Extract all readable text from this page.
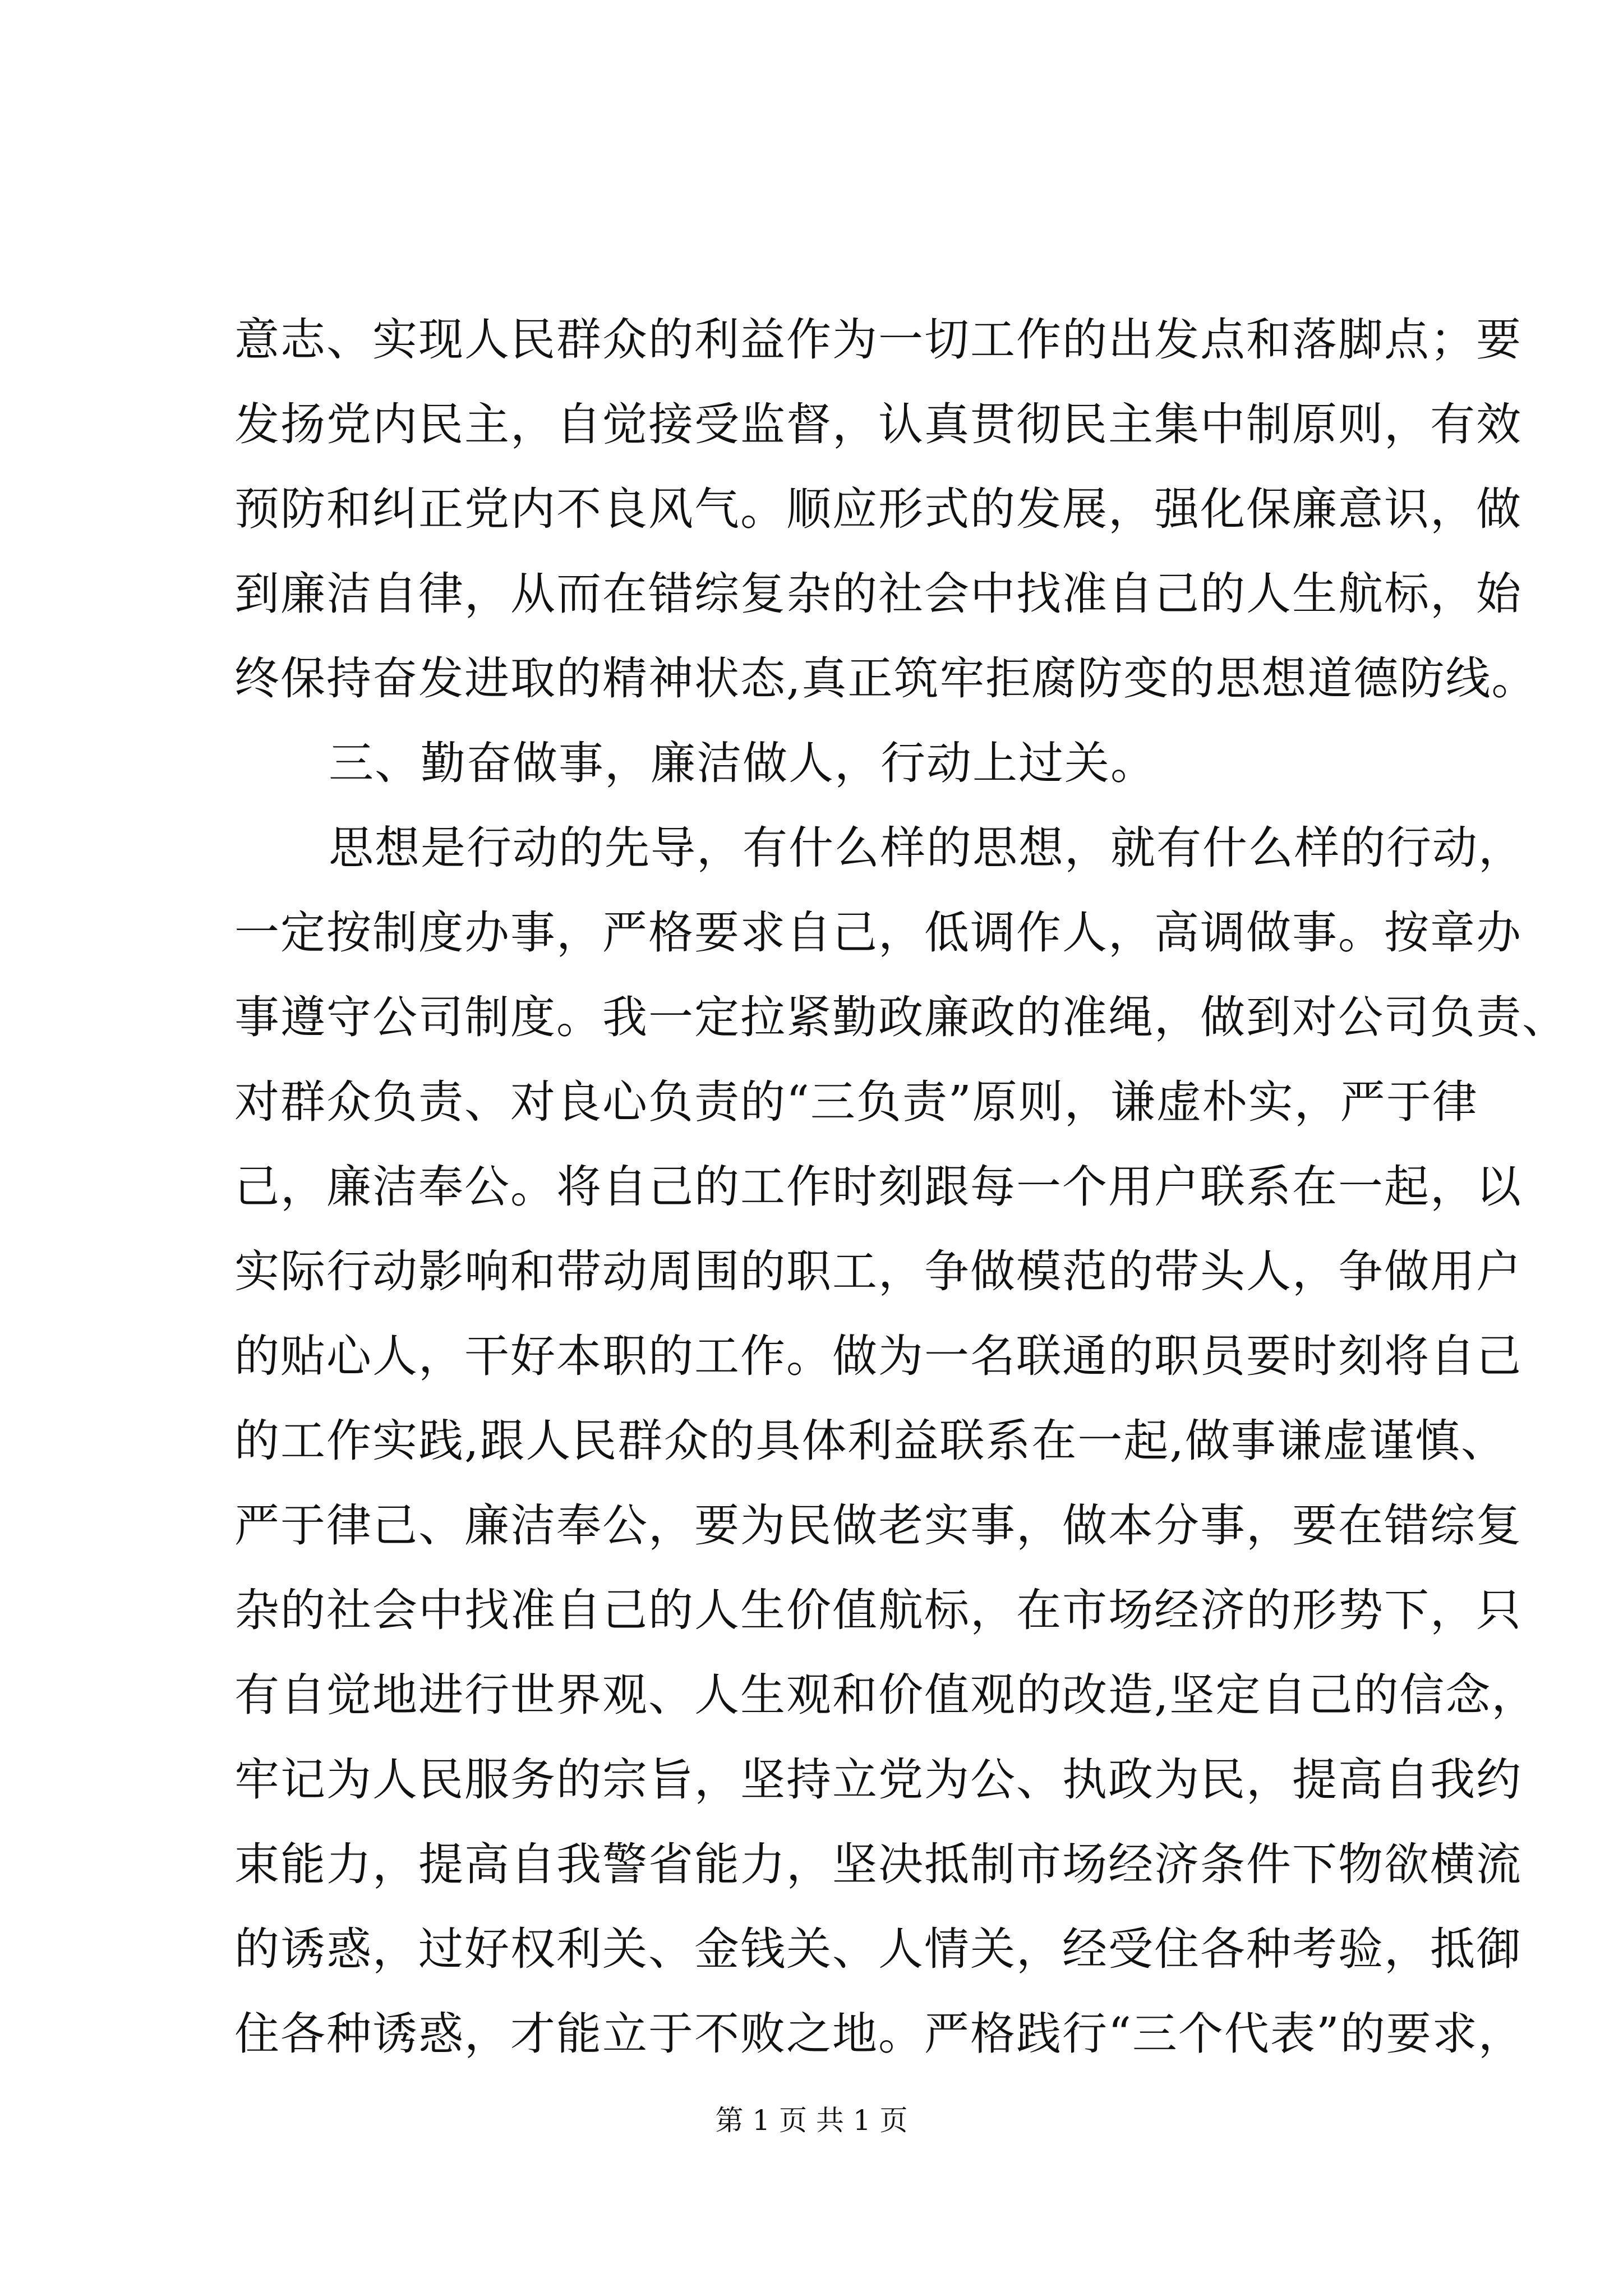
意志、实现人民群众的利益作为一切工作的出发点和落脚点；要
发扬党内民主，自觉接受监督，认真贯彻民主集中制原则，有效
预防和纠正党内不良风气。顺应形式的发展，强化保廉意识，做
到廉洁自律，从而在错综复杂的社会中找准自己的人生航标，始
终保持奋发进取的精神状态,真正筑牢拒腐防变的思想道德防线。
三、勤奋做事，廉洁做人，行动上过关。
思想是行动的先导，有什么样的思想，就有什么样的行动，
一定按制度办事，严格要求自己，低调作人，高调做事。按章办
事遵守公司制度。我一定拉紧勤政廉政的准绳，做到对公司负责、
对群众负责、对良心负责的“三负责”原则，谦虚朴实，严于律
己，廉洁奉公。将自己的工作时刻跟每一个用户联系在一起，以
实际行动影响和带动周围的职工，争做模范的带头人，争做用户
的贴心人，干好本职的工作。做为一名联通的职员要时刻将自己
的工作实践,跟人民群众的具体利益联系在一起,做事谦虚谨慎、
严于律己、廉洁奉公，要为民做老实事，做本分事，要在错综复
杂的社会中找准自己的人生价值航标，在市场经济的形势下，只
有自觉地进行世界观、人生观和价值观的改造,坚定自己的信念，
牢记为人民服务的宗旨，坚持立党为公、执政为民，提高自我约
束能力，提高自我警省能力，坚决抵制市场经济条件下物欲横流
的诱惑，过好权利关、金钱关、人情关，经受住各种考验，抵御
住各种诱惑，才能立于不败之地。严格践行“三个代表”的要求，
第 1 页 共 1 页
